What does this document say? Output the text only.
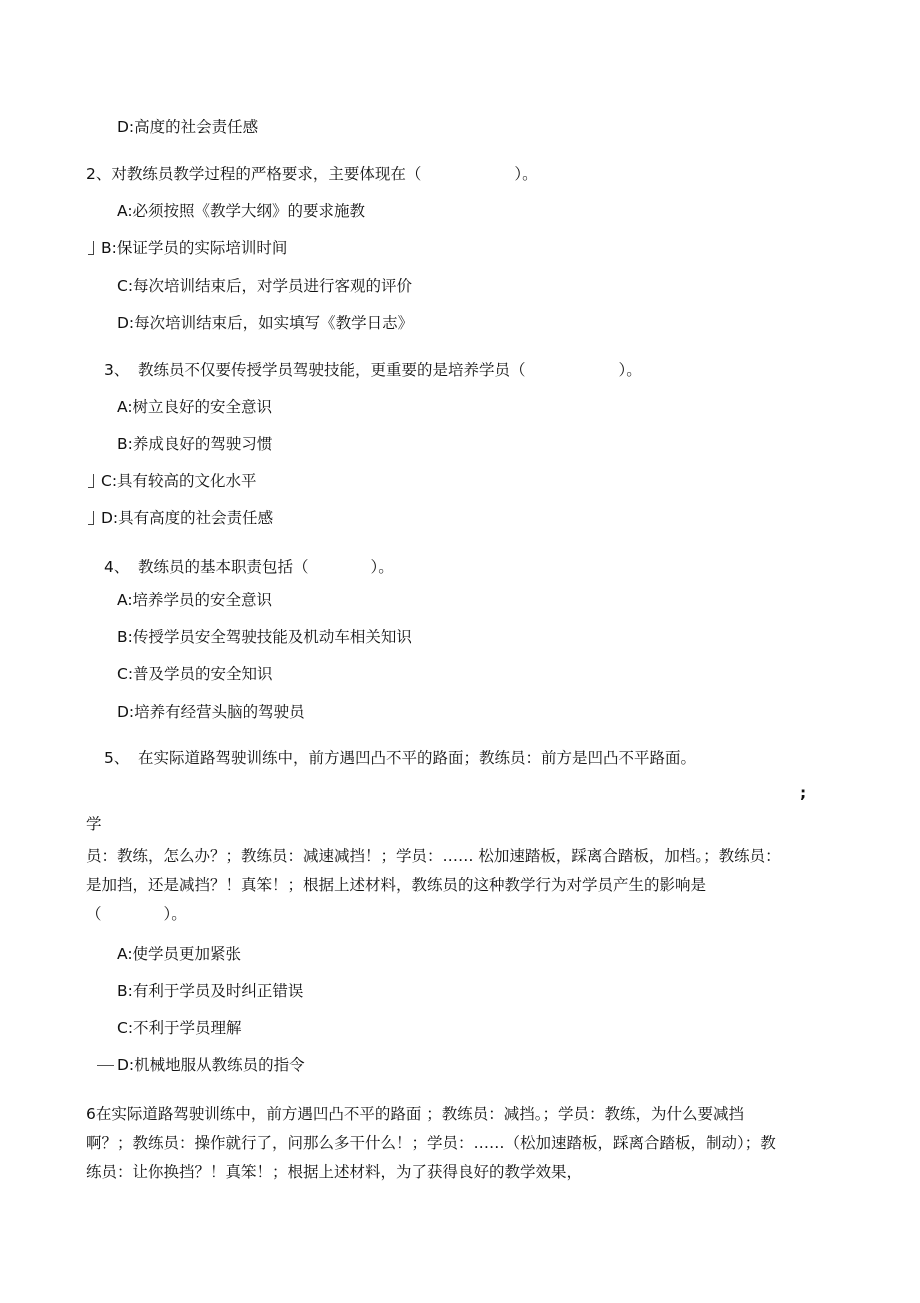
D:高度的社会责任感
2、对教练员教学过程的严格要求，主要体现在（　　　　　　）。
A:必须按照《教学大纲》的要求施教
B:保证学员的实际培训时间
C:每次培训结束后，对学员进行客观的评价
D:每次培训结束后，如实填写《教学日志》
3、 教练员不仅要传授学员驾驶技能，更重要的是培养学员（　　　　　　）。
A:树立良好的安全意识
B:养成良好的驾驶习惯
C:具有较高的文化水平
D:具有高度的社会责任感
4、 教练员的基本职责包括（　　　　）。
A:培养学员的安全意识
B:传授学员安全驾驶技能及机动车相关知识
C:普及学员的安全知识
D:培养有经营头脑的驾驶员
5、 在实际道路驾驶训练中，前方遇凹凸不平的路面；教练员：前方是凹凸不平路面。
;
学
员：教练，怎么办？；教练员：减速减挡！；学员：…… 松加速踏板，踩离合踏板，加档。；教练员：是加挡，还是减挡？！真笨！；根据上述材料，教练员的这种教学行为对学员产生的影响是（　　　　）。
A:使学员更加紧张
B:有利于学员及时纠正错误
C:不利于学员理解
D:机械地服从教练员的指令
6在实际道路驾驶训练中，前方遇凹凸不平的路面 ；教练员：减挡。；学员：教练，为什么要减挡啊？；教练员：操作就行了，问那么多干什么！；学员：……（松加速踏板，踩离合踏板，制动）；教练员：让你换挡？！真笨！；根据上述材料，为了获得良好的教学效果，
